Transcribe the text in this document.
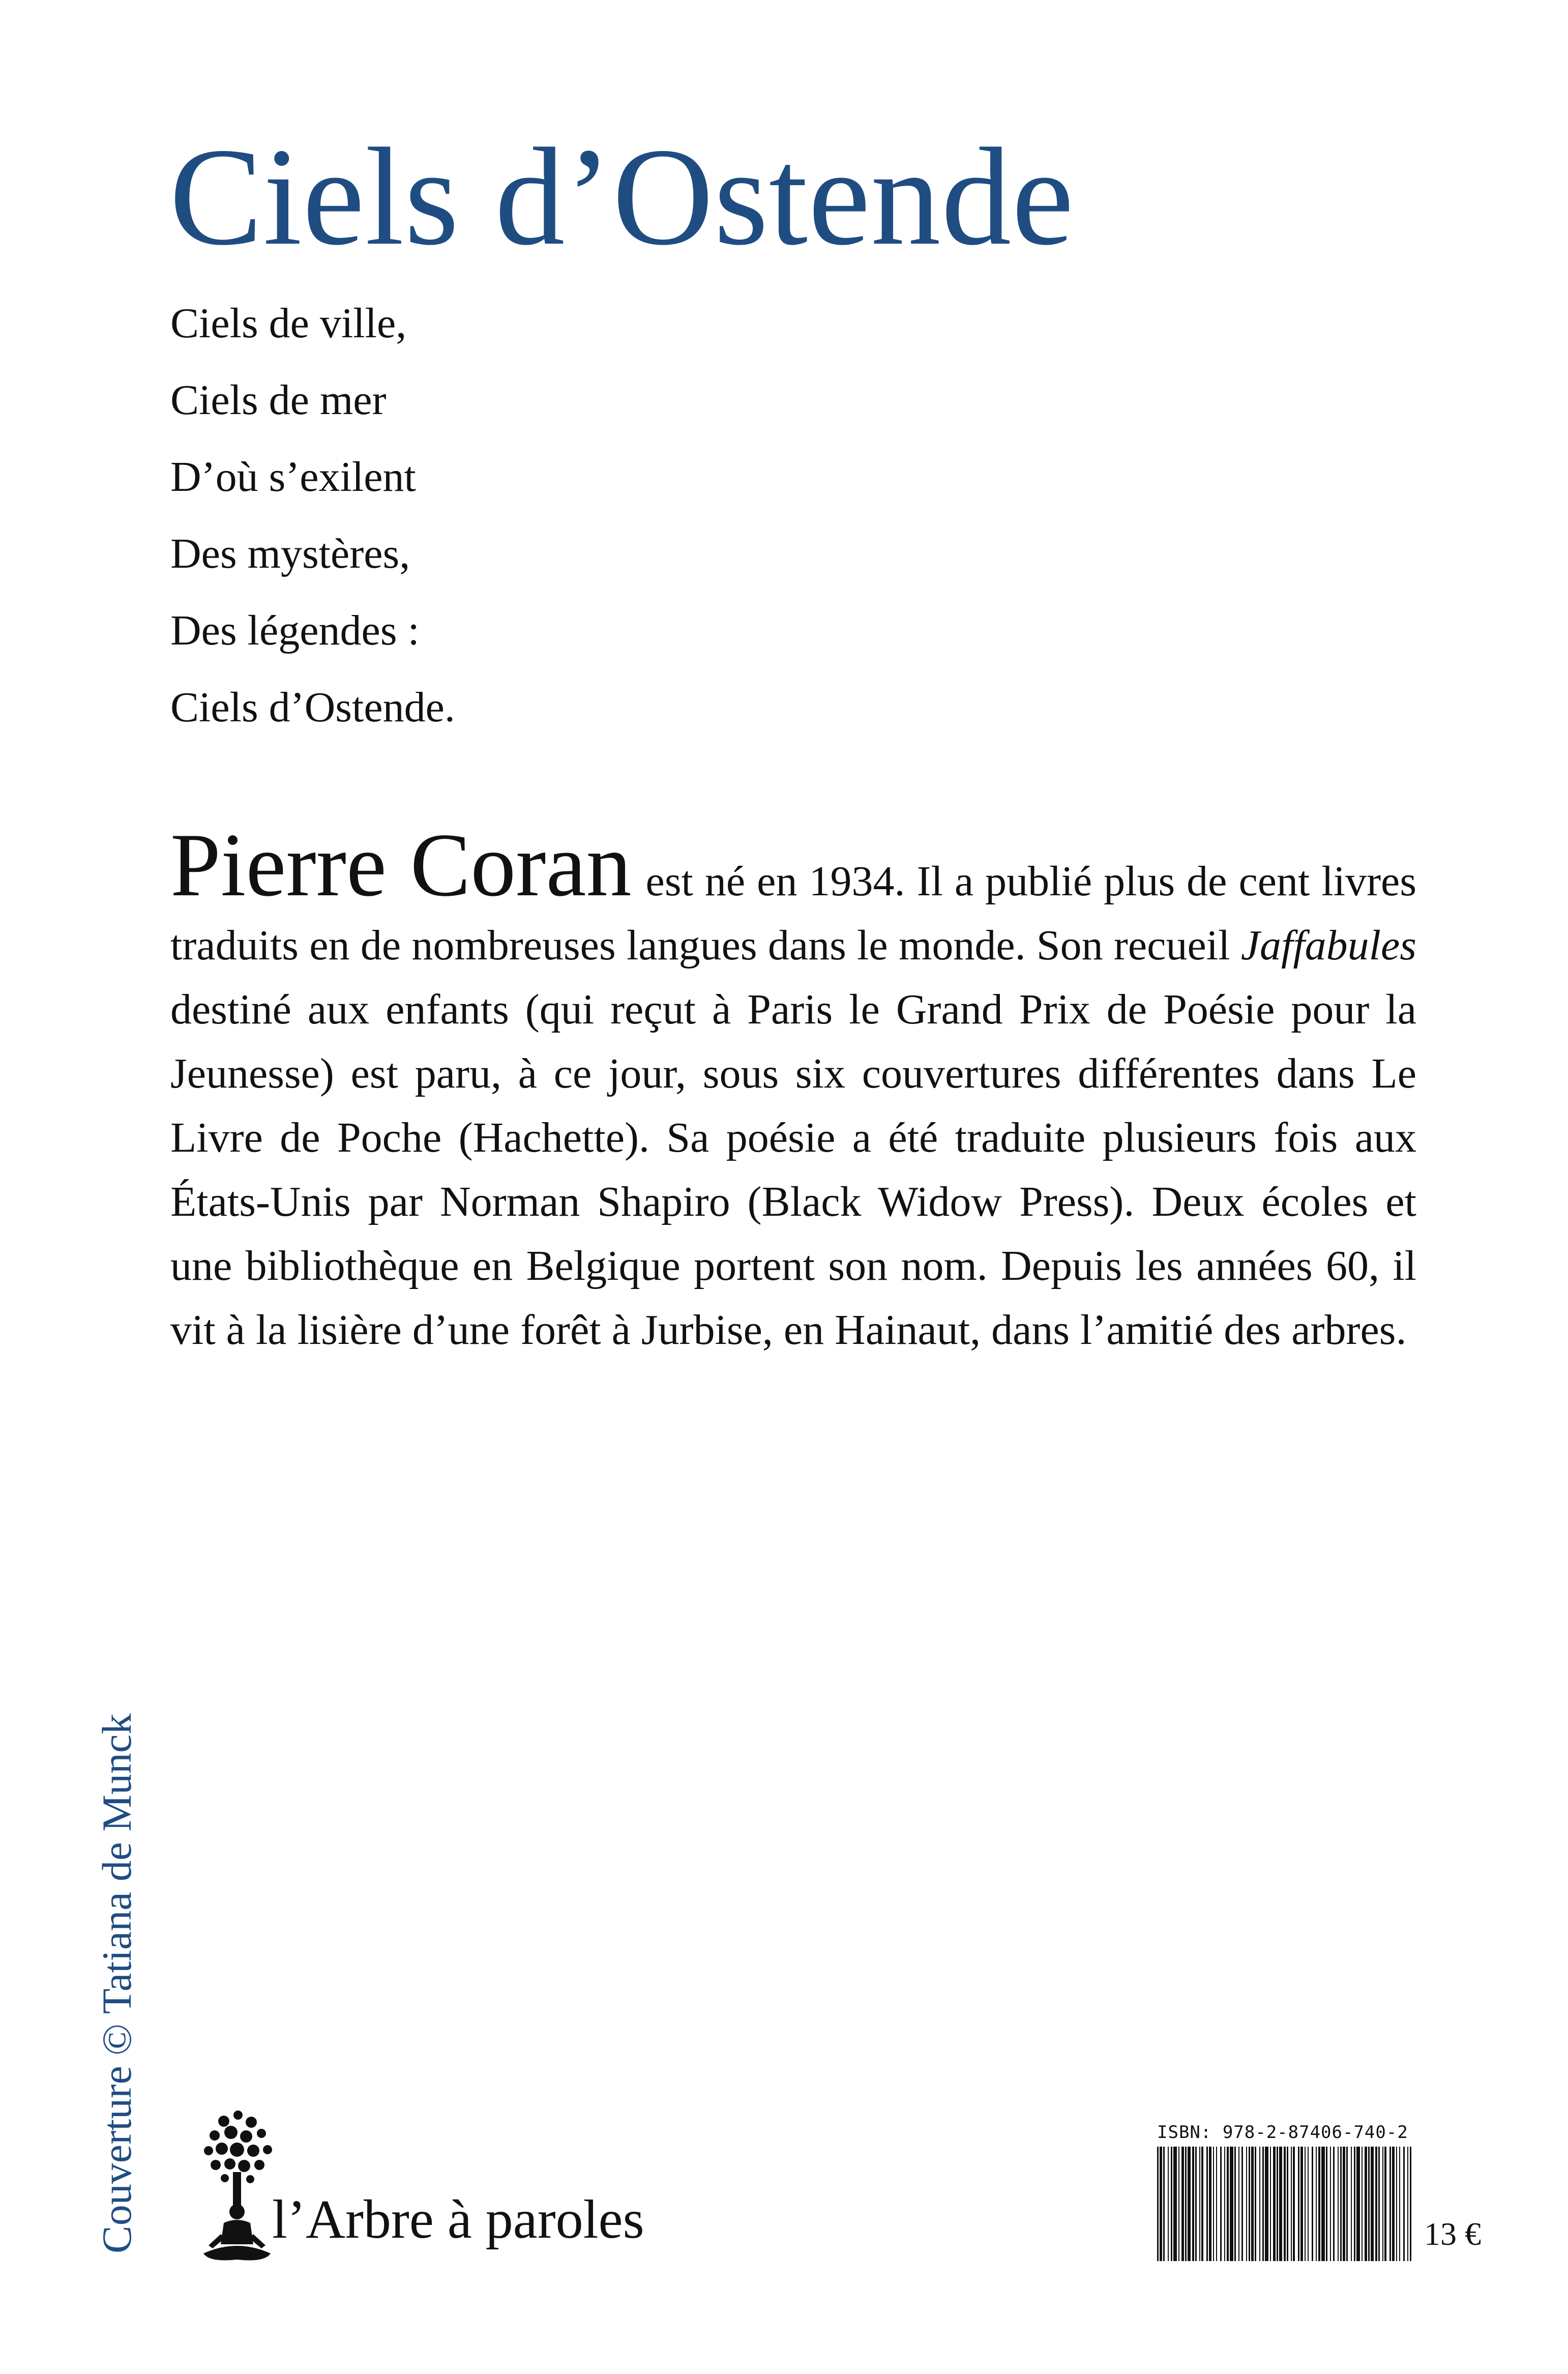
Ciels d’Ostende
Ciels de ville,
Ciels de mer
D’où s’exilent
Des mystères,
Des légendes :
Ciels d’Ostende.
Pierre Coran est né en 1934. Il a publié plus de cent livres traduits en de nombreuses langues dans le monde. Son recueil Jaffabules destiné aux enfants (qui reçut à Paris le Grand Prix de Poésie pour la Jeunesse) est paru, à ce jour, sous six couvertures différentes dans Le Livre de Poche (Hachette). Sa poésie a été traduite plusieurs fois aux États-Unis par Norman Shapiro (Black Widow Press). Deux écoles et une bibliothèque en Belgique portent son nom. Depuis les années 60, il vit à la lisière d’une forêt à Jurbise, en Hainaut, dans l’amitié des arbres.
Couverture © Tatiana de Munck l’Arbre à paroles
ISBN: 978-2-87406-740-2
13 €
